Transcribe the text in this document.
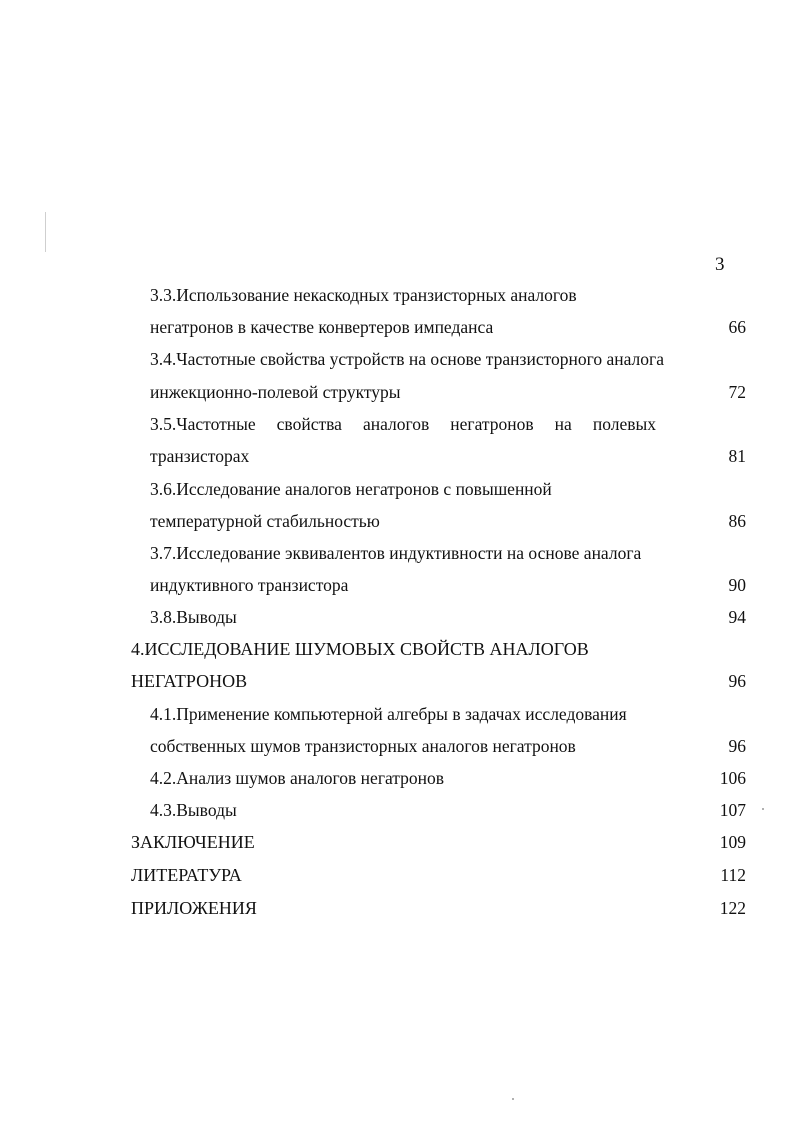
3
3.3.Использование некаскодных транзисторных аналогов
негатронов в качестве конвертеров импеданса	66
3.4.Частотные свойства устройств на основе транзисторного аналога
инжекционно-полевой структуры	72
3.5.Частотные свойства аналогов негатронов на полевых
транзисторах	81
3.6.Исследование аналогов негатронов с повышенной
температурной стабильностью	86
3.7.Исследование эквивалентов индуктивности на основе аналога
индуктивного транзистора	90
3.8.Выводы	94
4.ИССЛЕДОВАНИЕ ШУМОВЫХ СВОЙСТВ АНАЛОГОВ
НЕГАТРОНОВ	96
4.1.Применение компьютерной алгебры в задачах исследования
собственных шумов транзисторных аналогов негатронов	96
4.2.Анализ шумов аналогов негатронов	106
4.3.Выводы	107
ЗАКЛЮЧЕНИЕ	109
ЛИТЕРАТУРА	112
ПРИЛОЖЕНИЯ	122
